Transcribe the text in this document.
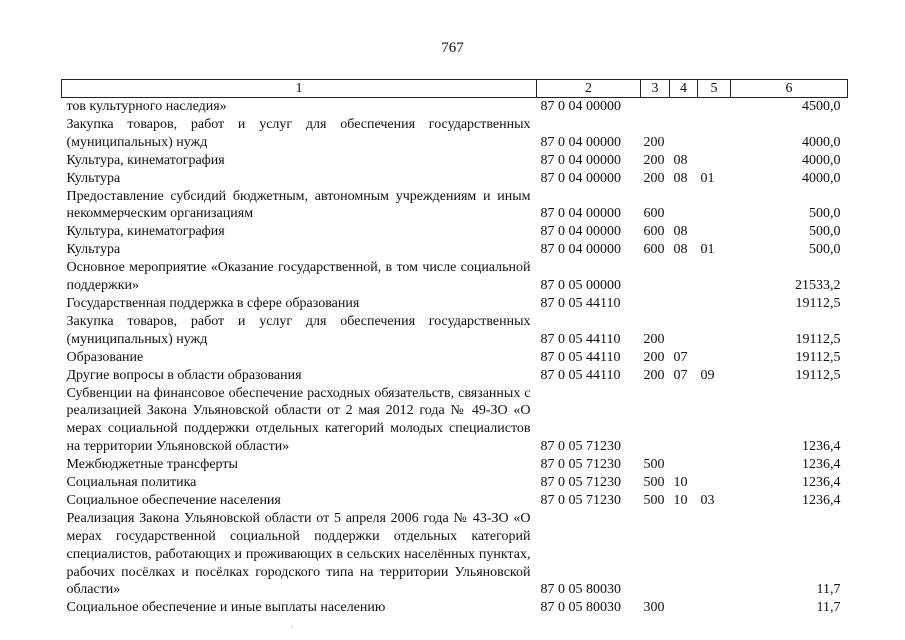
767
1	2	3	4	5	6
тов культурного наследия»	87 0 04 00000				4500,0
Закупка товаров, работ и услуг для обеспечения государственных (муниципальных) нужд	87 0 04 00000	200			4000,0
Культура, кинематография	87 0 04 00000	200	08		4000,0
Культура	87 0 04 00000	200	08	01	4000,0
Предоставление субсидий бюджетным, автономным учреждениям и иным некоммерческим организациям	87 0 04 00000	600			500,0
Культура, кинематография	87 0 04 00000	600	08		500,0
Культура	87 0 04 00000	600	08	01	500,0
Основное мероприятие «Оказание государственной, в том числе социальной поддержки»	87 0 05 00000				21533,2
Государственная поддержка в сфере образования	87 0 05 44110				19112,5
Закупка товаров, работ и услуг для обеспечения государственных (муниципальных) нужд	87 0 05 44110	200			19112,5
Образование	87 0 05 44110	200	07		19112,5
Другие вопросы в области образования	87 0 05 44110	200	07	09	19112,5
Субвенции на финансовое обеспечение расходных обязательств, связанных с реализацией Закона Ульяновской области от 2 мая 2012 года № 49-ЗО «О мерах социальной поддержки отдельных категорий молодых специалистов на территории Ульяновской области»	87 0 05 71230				1236,4
Межбюджетные трансферты	87 0 05 71230	500			1236,4
Социальная политика	87 0 05 71230	500	10		1236,4
Социальное обеспечение населения	87 0 05 71230	500	10	03	1236,4
Реализация Закона Ульяновской области от 5 апреля 2006 года № 43-ЗО «О мерах государственной социальной поддержки отдельных категорий специалистов, работающих и проживающих в сельских населённых пунктах, рабочих посёлках и посёлках городского типа на территории Ульяновской области»	87 0 05 80030				11,7
Социальное обеспечение и иные выплаты населению	87 0 05 80030	300			11,7
.
